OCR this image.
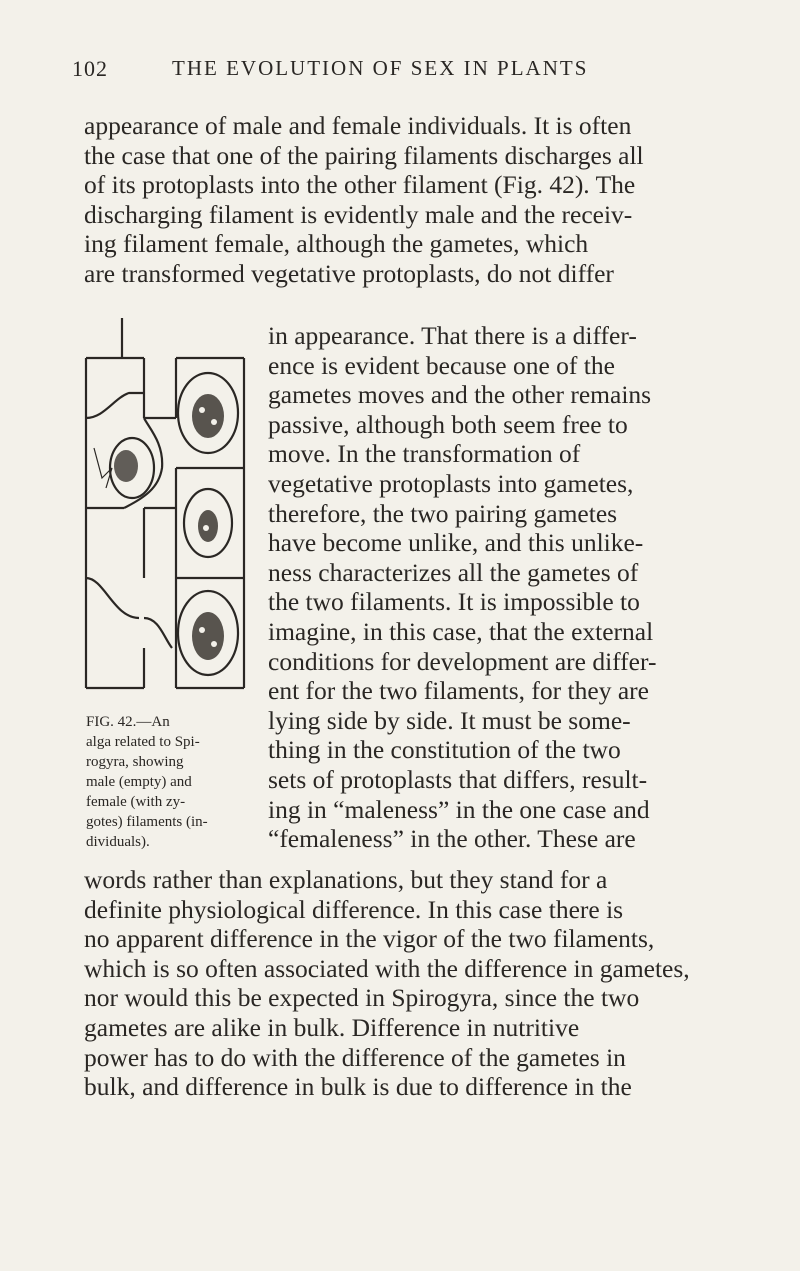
102	THE EVOLUTION OF SEX IN PLANTS

appearance of male and female individuals. It is often
the case that one of the pairing filaments discharges all
of its protoplasts into the other filament (Fig. 42). The
discharging filament is evidently male and the receiv-
ing filament female, although the gametes, which
are transformed vegetative protoplasts, do not differ

in appearance. That there is a differ-
ence is evident because one of the
gametes moves and the other remains
passive, although both seem free to
move. In the transformation of
vegetative protoplasts into gametes,
therefore, the two pairing gametes
have become unlike, and this unlike-
ness characterizes all the gametes of
the two filaments. It is impossible to
imagine, in this case, that the external
conditions for development are differ-
ent for the two filaments, for they are
lying side by side. It must be some-
thing in the constitution of the two
sets of protoplasts that differs, result-
ing in “maleness” in the one case and
“femaleness” in the other. These are

FIG. 42.—An
alga related to Spi-
rogyra, showing
male (empty) and
female (with zy-
gotes) filaments (in-
dividuals).

words rather than explanations, but they stand for a
definite physiological difference. In this case there is
no apparent difference in the vigor of the two filaments,
which is so often associated with the difference in gametes,
nor would this be expected in Spirogyra, since the two
gametes are alike in bulk. Difference in nutritive
power has to do with the difference of the gametes in
bulk, and difference in bulk is due to difference in the
